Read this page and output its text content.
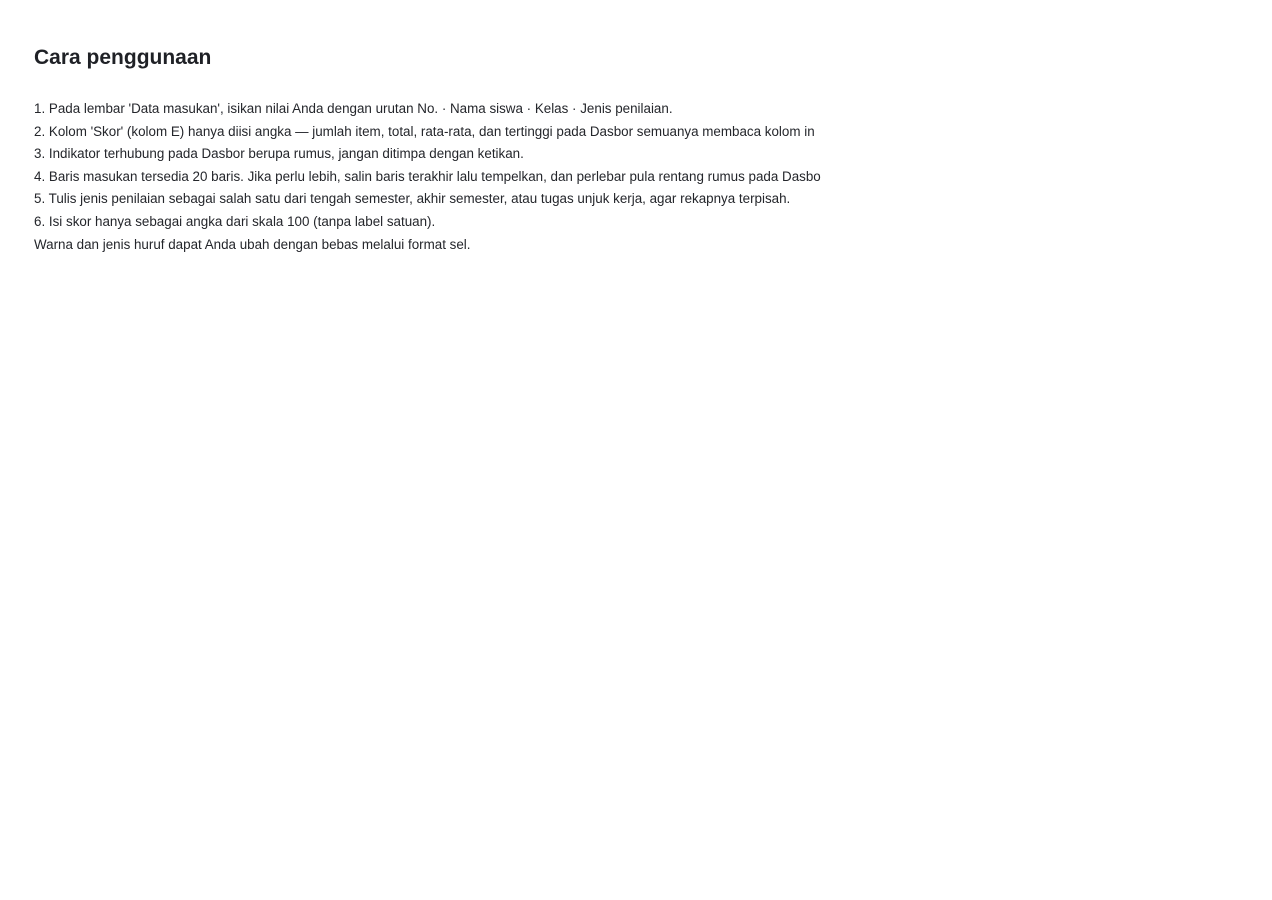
Cara penggunaan
1. Pada lembar 'Data masukan', isikan nilai Anda dengan urutan No. · Nama siswa · Kelas · Jenis penilaian.
2. Kolom 'Skor' (kolom E) hanya diisi angka — jumlah item, total, rata-rata, dan tertinggi pada Dasbor semuanya membaca kolom in
3. Indikator terhubung pada Dasbor berupa rumus, jangan ditimpa dengan ketikan.
4. Baris masukan tersedia 20 baris. Jika perlu lebih, salin baris terakhir lalu tempelkan, dan perlebar pula rentang rumus pada Dasbo
5. Tulis jenis penilaian sebagai salah satu dari tengah semester, akhir semester, atau tugas unjuk kerja, agar rekapnya terpisah.
6. Isi skor hanya sebagai angka dari skala 100 (tanpa label satuan).
Warna dan jenis huruf dapat Anda ubah dengan bebas melalui format sel.
